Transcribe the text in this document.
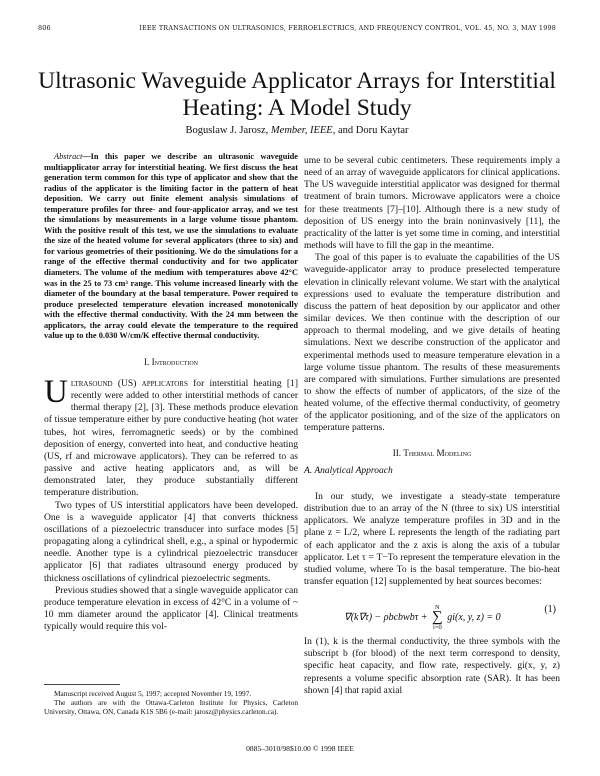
806	IEEE TRANSACTIONS ON ULTRASONICS, FERROELECTRICS, AND FREQUENCY CONTROL, VOL. 45, NO. 3, MAY 1998
Ultrasonic Waveguide Applicator Arrays for Interstitial Heating: A Model Study
Boguslaw J. Jarosz, Member, IEEE, and Doru Kaytar

Abstract—In this paper we describe an ultrasonic waveguide multiapplicator array for interstitial heating. We first discuss the heat generation term common for this type of applicator and show that the radius of the applicator is the limiting factor in the pattern of heat deposition. We carry out finite element analysis simulations of temperature profiles for three- and four-applicator array, and we test the simulations by measurements in a large volume tissue phantom. With the positive result of this test, we use the simulations to evaluate the size of the heated volume for several applicators (three to six) and for various geometries of their positioning. We do the simulations for a range of the effective thermal conductivity and for two applicator diameters. The volume of the medium with temperatures above 42°C was in the 25 to 73 cm³ range. This volume increased linearly with the diameter of the boundary at the basal temperature. Power required to produce preselected temperature elevation increased monotonically with the effective thermal conductivity. With the 24 mm between the applicators, the array could elevate the temperature to the required value up to the 0.030 W/cm/K effective thermal conductivity.

I. Introduction

Ultrasound (US) applicators for interstitial heating [1] recently were added to other interstitial methods of cancer thermal therapy [2], [3]. These methods produce elevation of tissue temperature either by pure conductive heating (hot water tubes, hot wires, ferromagnetic seeds) or by the combined deposition of energy, converted into heat, and conductive heating (US, rf and microwave applicators). They can be referred to as passive and active heating applicators and, as will be demonstrated later, they produce substantially different temperature distribution.

Two types of US interstitial applicators have been developed. One is a waveguide applicator [4] that converts thickness oscillations of a piezoelectric transducer into surface modes [5] propagating along a cylindrical shell, e.g., a spinal or hypodermic needle. Another type is a cylindrical piezoelectric transducer applicator [6] that radiates ultrasound energy produced by thickness oscillations of cylindrical piezoelectric segments.

Previous studies showed that a single waveguide applicator can produce temperature elevation in excess of 42°C in a volume of ~ 10 mm diameter around the applicator [4]. Clinical treatments typically would require this vol-

ume to be several cubic centimeters. These requirements imply a need of an array of waveguide applicators for clinical applications. The US waveguide interstitial applicator was designed for thermal treatment of brain tumors. Microwave applicators were a choice for these treatments [7]–[10]. Although there is a new study of deposition of US energy into the brain noninvasively [11], the practicality of the latter is yet some time in coming, and interstitial methods will have to fill the gap in the meantime.

The goal of this paper is to evaluate the capabilities of the US waveguide-applicator array to produce preselected temperature elevation in clinically relevant volume. We start with the analytical expressions used to evaluate the temperature distribution and discuss the pattern of heat deposition by our applicator and other similar devices. We then continue with the description of our approach to thermal modeling, and we give details of heating simulations. Next we describe construction of the applicator and experimental methods used to measure temperature elevation in a large volume tissue phantom. The results of these measurements are compared with simulations. Further simulations are presented to show the effects of number of applicators, of the size of the heated volume, of the effective thermal conductivity, of geometry of the applicator positioning, and of the size of the applicators on temperature patterns.

II. Thermal Modeling

A. Analytical Approach

In our study, we investigate a steady-state temperature distribution due to an array of the N (three to six) US interstitial applicators. We analyze temperature profiles in 3D and in the plane z = L/2, where L represents the length of the radiating part of each applicator and the z axis is along the axis of a tubular applicator. Let τ = T−To represent the temperature elevation in the studied volume, where To is the basal temperature. The bio-heat transfer equation [12] supplemented by heat sources becomes:

∇(k∇τ) − ρbcbwbτ + N
∑
i=0 gi(x, y, z) = 0
(1)

In (1), k is the thermal conductivity, the three symbols with the subscript b (for blood) of the next term correspond to density, specific heat capacity, and flow rate, respectively. gi(x, y, z) represents a volume specific absorption rate (SAR). It has been shown [4] that rapid axial

Manuscript received August 5, 1997; accepted November 19, 1997.
The authors are with the Ottawa-Carleton Institute for Physics, Carleton University, Ottawa, ON, Canada K1S 5B6 (e-mail: jarosz@physics.carleton.ca).
0885–3010/98$10.00 © 1998 IEEE
